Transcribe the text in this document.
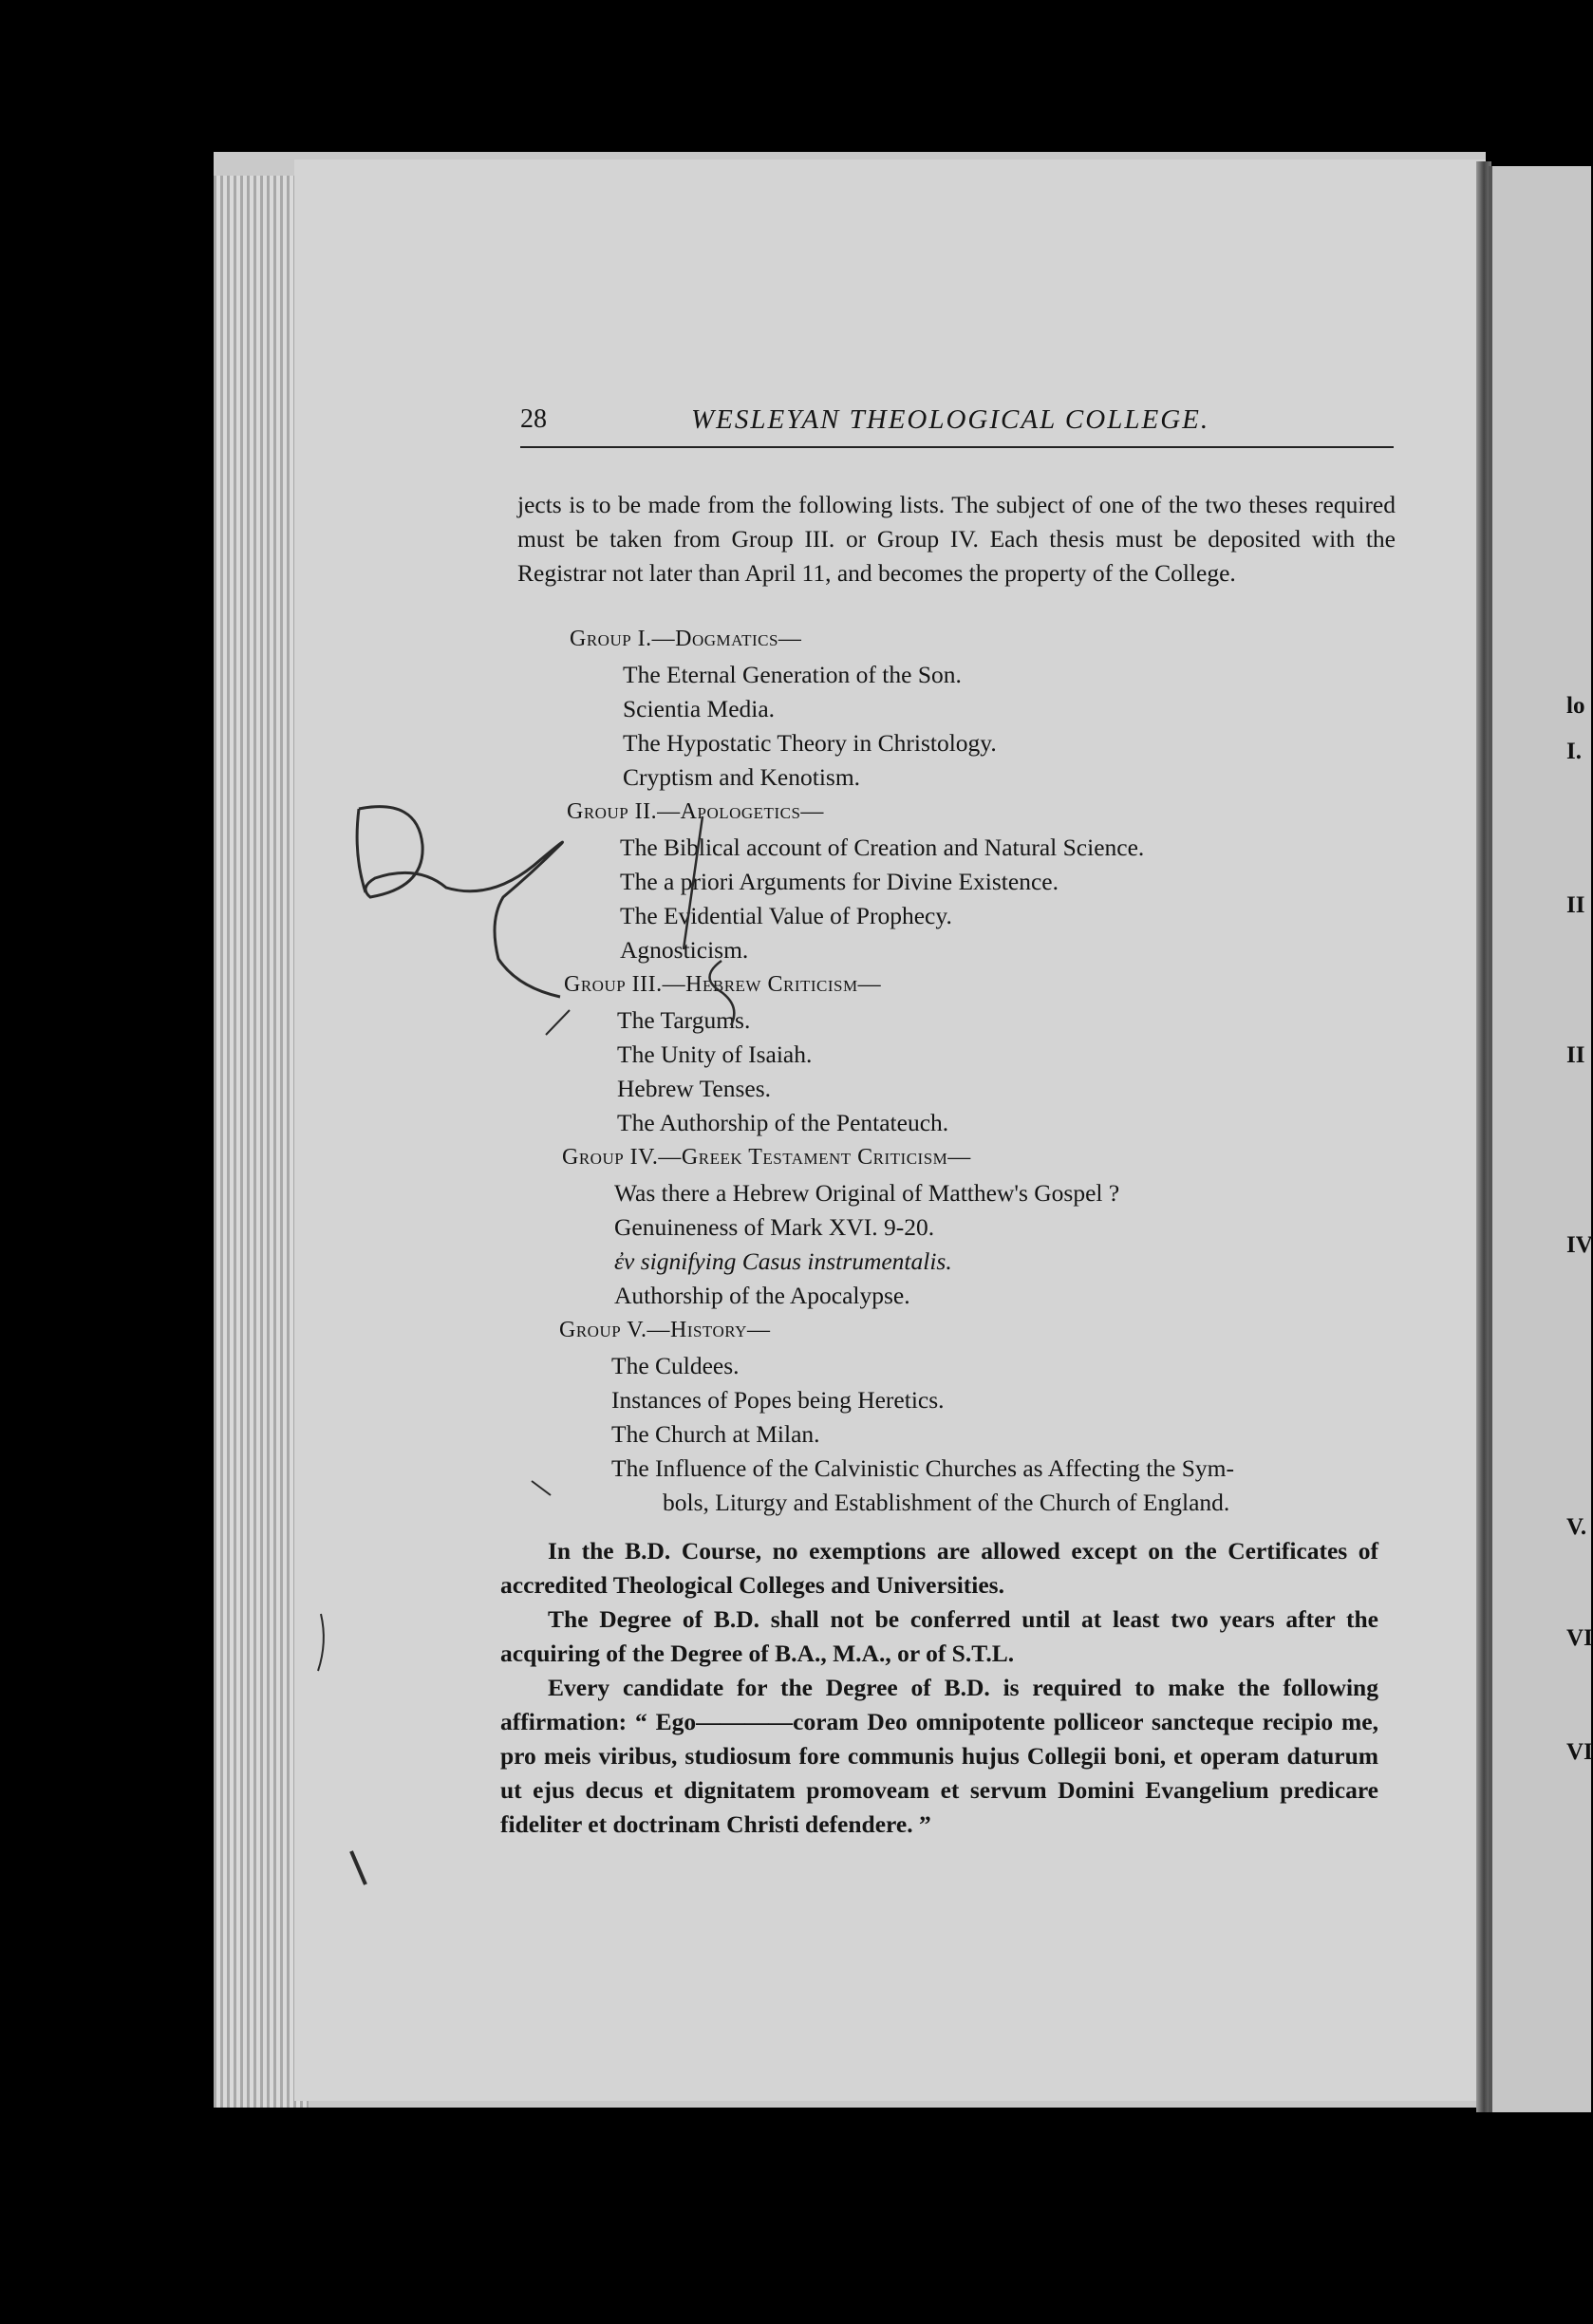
lo
I.
II
II
IV
V.
VI
VI
28	WESLEYAN THEOLOGICAL COLLEGE.
jects is to be made from the following lists. The subject of one of the two theses required must be taken from Group III. or Group IV. Each thesis must be deposited with the Registrar not later than April 11, and becomes the property of the College.
Group I.—Dogmatics—
The Eternal Generation of the Son.
Scientia Media.
The Hypostatic Theory in Christology.
Cryptism and Kenotism.
Group II.—Apologetics—
The Biblical account of Creation and Natural Science.
The a priori Arguments for Divine Existence.
The Evidential Value of Prophecy.
Agnosticism.
Group III.—Hebrew Criticism—
The Targums.
The Unity of Isaiah.
Hebrew Tenses.
The Authorship of the Pentateuch.
Group IV.—Greek Testament Criticism—
Was there a Hebrew Original of Matthew's Gospel ?
Genuineness of Mark XVI. 9-20.
ἐν signifying Casus instrumentalis.
Authorship of the Apocalypse.
Group V.—History—
The Culdees.
Instances of Popes being Heretics.
The Church at Milan.
The Influence of the Calvinistic Churches as Affecting the Sym-
bols, Liturgy and Establishment of the Church of England.

In the B.D. Course, no exemptions are allowed except on the Certificates of accredited Theological Colleges and Universities.

The Degree of B.D. shall not be conferred until at least two years after the acquiring of the Degree of B.A., M.A., or of S.T.L.

Every candidate for the Degree of B.D. is required to make the following affirmation: “ Ego————coram Deo omnipotente polliceor sancteque recipio me, pro meis viribus, studiosum fore communis hujus Collegii boni, et operam daturum ut ejus decus et dignitatem promoveam et servum Domini Evangelium predicare fideliter et doctrinam Christi defendere. ”
